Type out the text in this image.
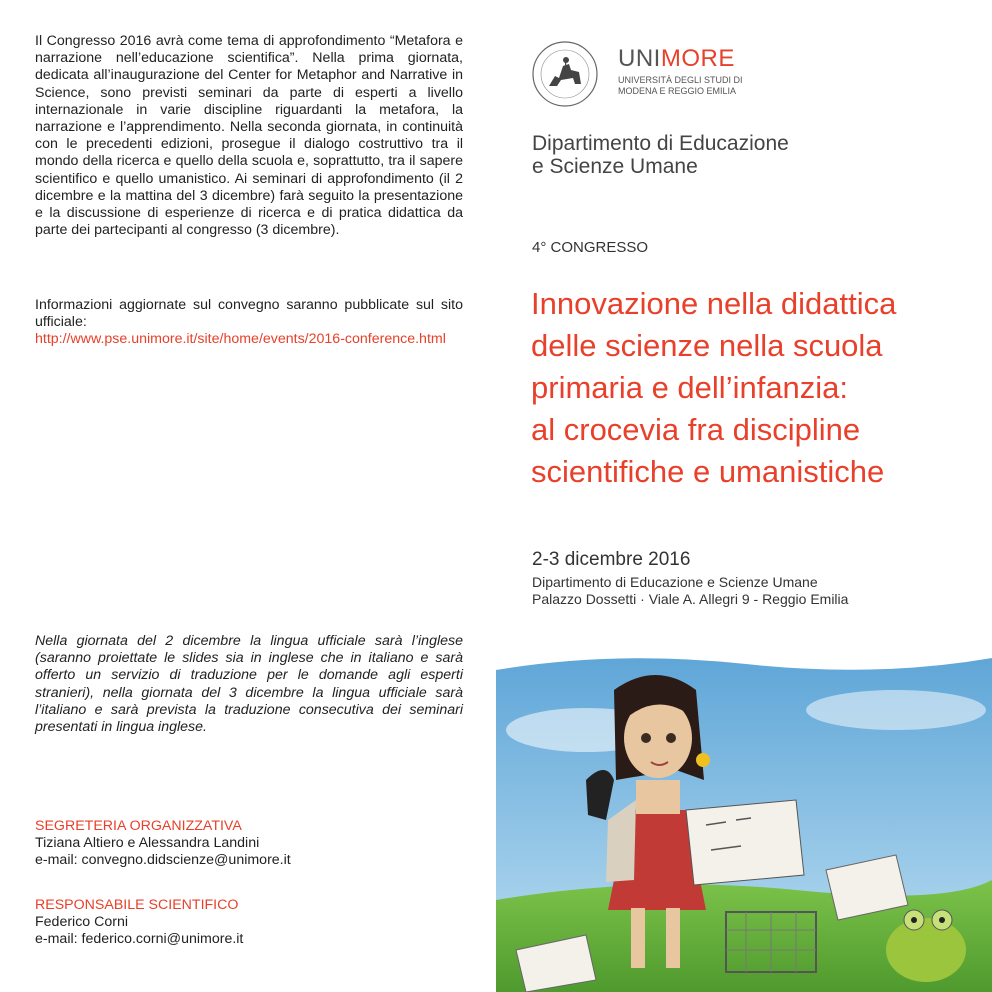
Il Congresso 2016 avrà come tema di approfondimento “Metafora e narrazione nell’educazione scientifica”. Nella prima giornata, dedicata all’inaugurazione del Center for Metaphor and Narrative in Science, sono previsti seminari da parte di esperti a livello internazionale in varie discipline riguardanti la metafora, la narrazione e l’apprendimento. Nella seconda giornata, in continuità con le precedenti edizioni, prosegue il dialogo costruttivo tra il mondo della ricerca e quello della scuola e, soprattutto, tra il sapere scientifico e quello umanistico. Ai seminari di approfondimento (il 2 dicembre e la mattina del 3 dicembre) farà seguito la presentazione e la discussione di esperienze di ricerca e di pratica didattica da parte dei partecipanti al congresso (3 dicembre).

Informazioni aggiornate sul convegno saranno pubblicate sul sito ufficiale:

http://www.pse.unimore.it/site/home/events/2016-conference.html

Nella giornata del 2 dicembre la lingua ufficiale sarà l’inglese (saranno proiettate le slides sia in inglese che in italiano e sarà offerto un servizio di traduzione per le domande agli esperti stranieri), nella giornata del 3 dicembre la lingua ufficiale sarà l’italiano e sarà prevista la traduzione consecutiva dei seminari presentati in lingua inglese.

SEGRETERIA ORGANIZZATIVA
Tiziana Altiero e Alessandra Landini
e-mail: convegno.didscienze@unimore.it
RESPONSABILE SCIENTIFICO
Federico Corni
e-mail: federico.corni@unimore.it
UNIMORE
UNIVERSITÀ DEGLI STUDI DI
MODENA E REGGIO EMILIA
Dipartimento di Educazione
e Scienze Umane
4° CONGRESSO
Innovazione nella didattica
delle scienze nella scuola
primaria e dell’infanzia:
al crocevia fra discipline
scientifiche e umanistiche
2-3 dicembre 2016
Dipartimento di Educazione e Scienze Umane
Palazzo Dossetti · Viale A. Allegri 9 - Reggio Emilia
